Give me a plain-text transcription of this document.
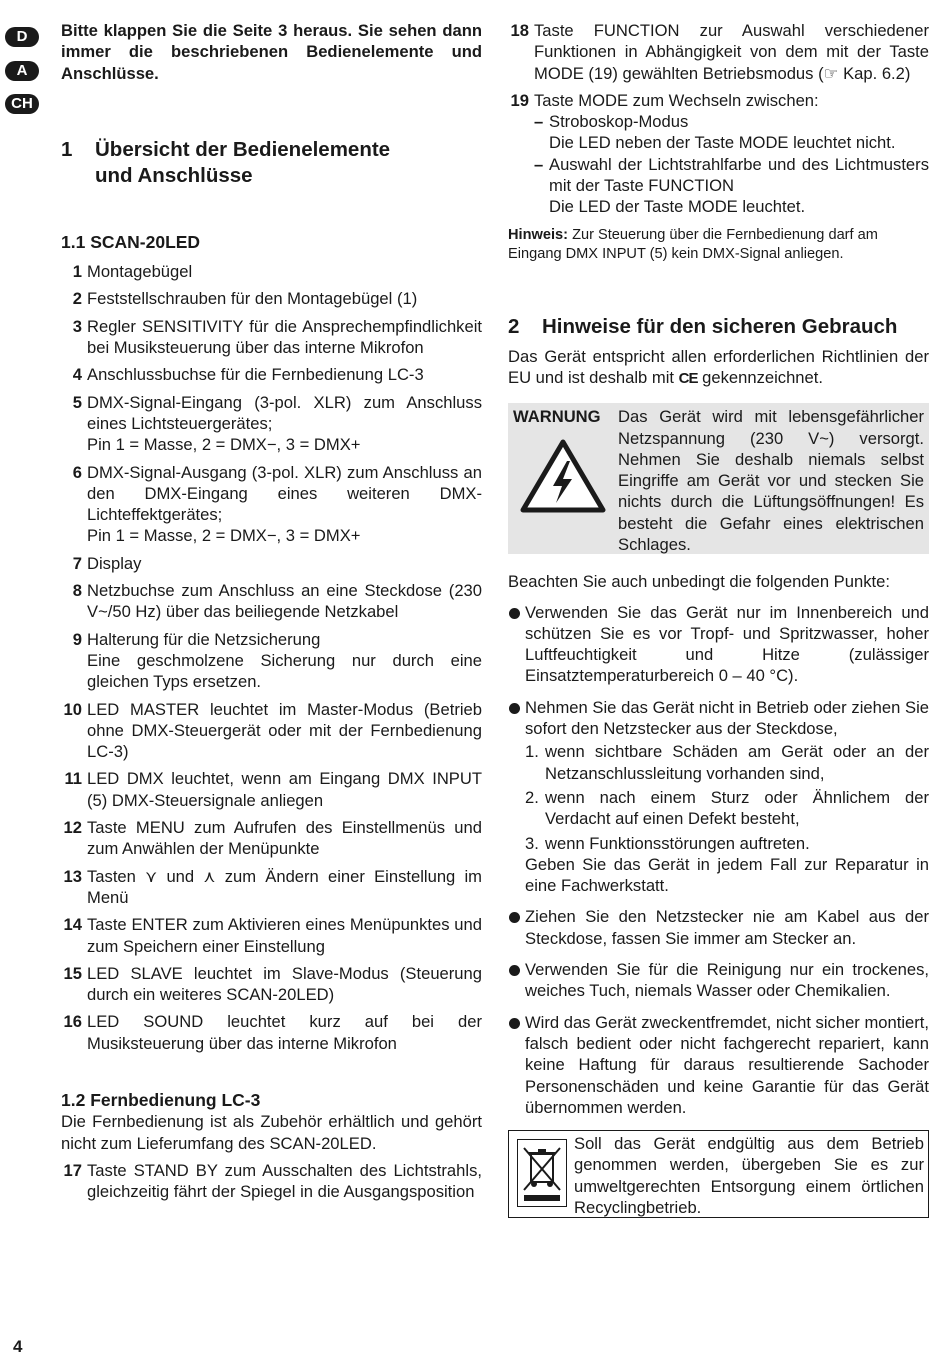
D
A
CH

Bitte klappen Sie die Seite 3 heraus. Sie sehen dann immer die beschriebenen Bedienelemente und Anschlüsse.

1 Übersicht der Bedienelemente
und Anschlüsse
1.1 SCAN-20LED
1 Montagebügel
2 Feststellschrauben für den Montagebügel (1)
3 Regler SENSITIVITY für die Ansprechempfindlichkeit bei Musiksteuerung über das interne Mikrofon
4 Anschlussbuchse für die Fernbedienung LC-3
5 DMX-Signal-Eingang (3-pol. XLR) zum Anschluss eines Lichtsteuergerätes;
Pin 1 = Masse, 2 = DMX−, 3 = DMX+
6 DMX-Signal-Ausgang (3-pol. XLR) zum Anschluss an den DMX-Eingang eines weiteren DMX-Lichteffektgerätes;
Pin 1 = Masse, 2 = DMX−, 3 = DMX+
7 Display
8 Netzbuchse zum Anschluss an eine Steckdose (230 V~/50 Hz) über das beiliegende Netzkabel
9 Halterung für die Netzsicherung
Eine geschmolzene Sicherung nur durch eine gleichen Typs ersetzen.
10 LED MASTER leuchtet im Master-Modus (Betrieb ohne DMX-Steuergerät oder mit der Fernbedienung LC-3)
11 LED DMX leuchtet, wenn am Eingang DMX INPUT (5) DMX-Steuersignale anliegen
12 Taste MENU zum Aufrufen des Einstellmenüs und zum Anwählen der Menüpunkte
13 Tasten ⋎ und ⋏ zum Ändern einer Einstellung im Menü
14 Taste ENTER zum Aktivieren eines Menüpunktes und zum Speichern einer Einstellung
15 LED SLAVE leuchtet im Slave-Modus (Steuerung durch ein weiteres SCAN-20LED)
16 LED SOUND leuchtet kurz auf bei der Musiksteuerung über das interne Mikrofon
1.2 Fernbedienung LC-3

Die Fernbedienung ist als Zubehör erhältlich und gehört nicht zum Lieferumfang des SCAN-20LED.

17 Taste STAND BY zum Ausschalten des Lichtstrahls, gleichzeitig fährt der Spiegel in die Ausgangsposition
18 Taste FUNCTION zur Auswahl verschiedener Funktionen in Abhängigkeit von dem mit der Taste MODE (19) gewählten Betriebsmodus (☞ Kap. 6.2)
19 Taste MODE zum Wechseln zwischen:
– Stroboskop-Modus
Die LED neben der Taste MODE leuchtet nicht.
– Auswahl der Lichtstrahlfarbe und des Lichtmusters mit der Taste FUNCTION
Die LED der Taste MODE leuchtet.

Hinweis: Zur Steuerung über die Fernbedienung darf am Eingang DMX INPUT (5) kein DMX-Signal anliegen.

2 Hinweise für den sicheren Gebrauch

Das Gerät entspricht allen erforderlichen Richtlinien der EU und ist deshalb mit CE gekennzeichnet.

WARNUNG Das Gerät wird mit lebensgefährlicher Netzspannung (230 V~) versorgt. Nehmen Sie deshalb niemals selbst Eingriffe am Gerät vor und stecken Sie nichts durch die Lüftungsöffnungen! Es besteht die Gefahr eines elektrischen Schlages.

Beachten Sie auch unbedingt die folgenden Punkte:

Verwenden Sie das Gerät nur im Innenbereich und schützen Sie es vor Tropf- und Spritzwasser, hoher Luftfeuchtigkeit und Hitze (zulässiger Einsatztemperaturbereich 0 – 40 °C).
Nehmen Sie das Gerät nicht in Betrieb oder ziehen Sie sofort den Netzstecker aus der Steckdose,
1. wenn sichtbare Schäden am Gerät oder an der Netzanschlussleitung vorhanden sind,
2. wenn nach einem Sturz oder Ähnlichem der Verdacht auf einen Defekt besteht,
3. wenn Funktionsstörungen auftreten.
Geben Sie das Gerät in jedem Fall zur Reparatur in eine Fachwerkstatt.
Ziehen Sie den Netzstecker nie am Kabel aus der Steckdose, fassen Sie immer am Stecker an.
Verwenden Sie für die Reinigung nur ein trockenes, weiches Tuch, niemals Wasser oder Chemikalien.
Wird das Gerät zweckentfremdet, nicht sicher montiert, falsch bedient oder nicht fachgerecht repariert, kann keine Haftung für daraus resultierende Sachoder Personenschäden und keine Garantie für das Gerät übernommen werden.
Soll das Gerät endgültig aus dem Betrieb genommen werden, übergeben Sie es zur umweltgerechten Entsorgung einem örtlichen Recyclingbetrieb.
4
